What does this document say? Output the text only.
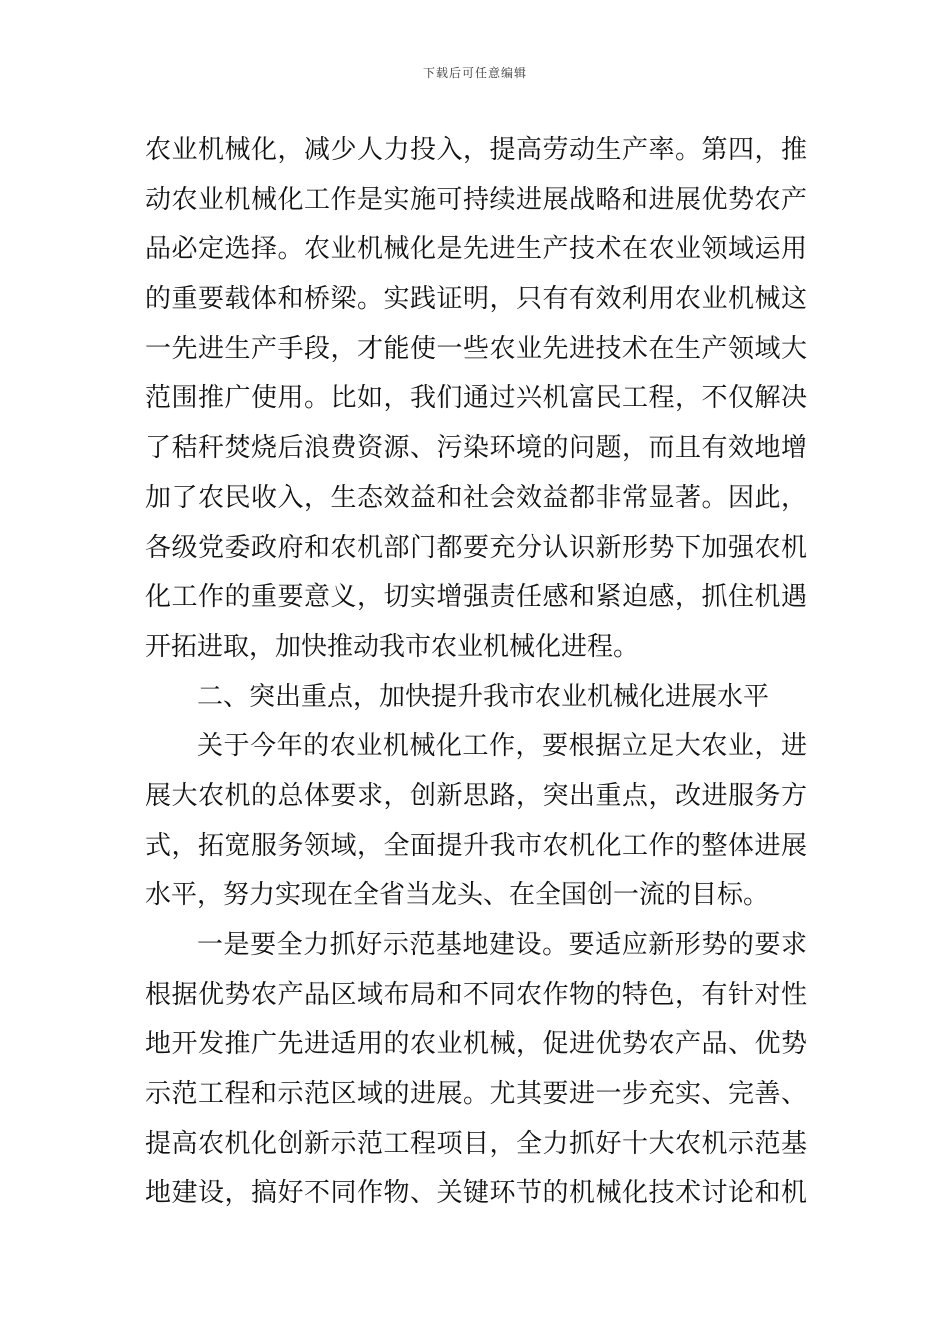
下载后可任意编辑
农业机械化，减少人力投入，提高劳动生产率。第四，推
动农业机械化工作是实施可持续进展战略和进展优势农产
品必定选择。农业机械化是先进生产技术在农业领域运用
的重要载体和桥梁。实践证明，只有有效利用农业机械这
一先进生产手段，才能使一些农业先进技术在生产领域大
范围推广使用。比如，我们通过兴机富民工程，不仅解决
了秸秆焚烧后浪费资源、污染环境的问题，而且有效地增
加了农民收入，生态效益和社会效益都非常显著。因此，
各级党委政府和农机部门都要充分认识新形势下加强农机
化工作的重要意义，切实增强责任感和紧迫感，抓住机遇
开拓进取，加快推动我市农业机械化进程。
二、突出重点，加快提升我市农业机械化进展水平
关于今年的农业机械化工作，要根据立足大农业，进
展大农机的总体要求，创新思路，突出重点，改进服务方
式，拓宽服务领域，全面提升我市农机化工作的整体进展
水平，努力实现在全省当龙头、在全国创一流的目标。
一是要全力抓好示范基地建设。要适应新形势的要求
根据优势农产品区域布局和不同农作物的特色，有针对性
地开发推广先进适用的农业机械，促进优势农产品、优势
示范工程和示范区域的进展。尤其要进一步充实、完善、
提高农机化创新示范工程项目，全力抓好十大农机示范基
地建设，搞好不同作物、关键环节的机械化技术讨论和机
